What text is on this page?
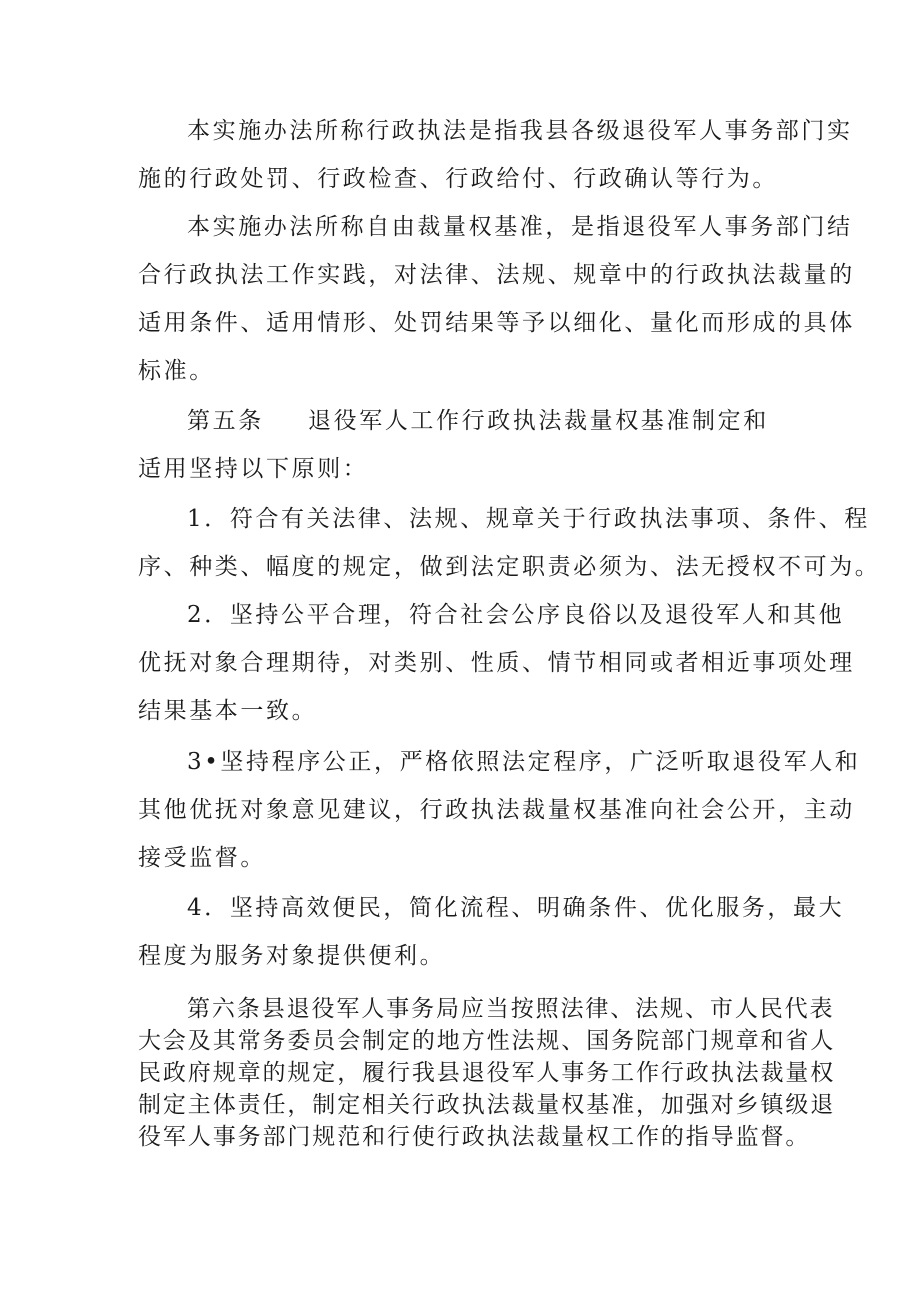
本实施办法所称行政执法是指我县各级退役军人事务部门实
施的行政处罚、行政检查、行政给付、行政确认等行为。
本实施办法所称自由裁量权基准，是指退役军人事务部门结
合行政执法工作实践，对法律、法规、规章中的行政执法裁量的
适用条件、适用情形、处罚结果等予以细化、量化而形成的具体
标准。
第五条 退役军人工作行政执法裁量权基准制定和
适用坚持以下原则：
1．符合有关法律、法规、规章关于行政执法事项、条件、程
序、种类、幅度的规定，做到法定职责必须为、法无授权不可为。
2．坚持公平合理，符合社会公序良俗以及退役军人和其他
优抚对象合理期待，对类别、性质、情节相同或者相近事项处理
结果基本一致。
3•坚持程序公正，严格依照法定程序，广泛听取退役军人和
其他优抚对象意见建议，行政执法裁量权基准向社会公开，主动
接受监督。
4．坚持高效便民，简化流程、明确条件、优化服务，最大
程度为服务对象提供便利。
第六条县退役军人事务局应当按照法律、法规、市人民代表
大会及其常务委员会制定的地方性法规、国务院部门规章和省人
民政府规章的规定，履行我县退役军人事务工作行政执法裁量权
制定主体责任，制定相关行政执法裁量权基准，加强对乡镇级退
役军人事务部门规范和行使行政执法裁量权工作的指导监督。
